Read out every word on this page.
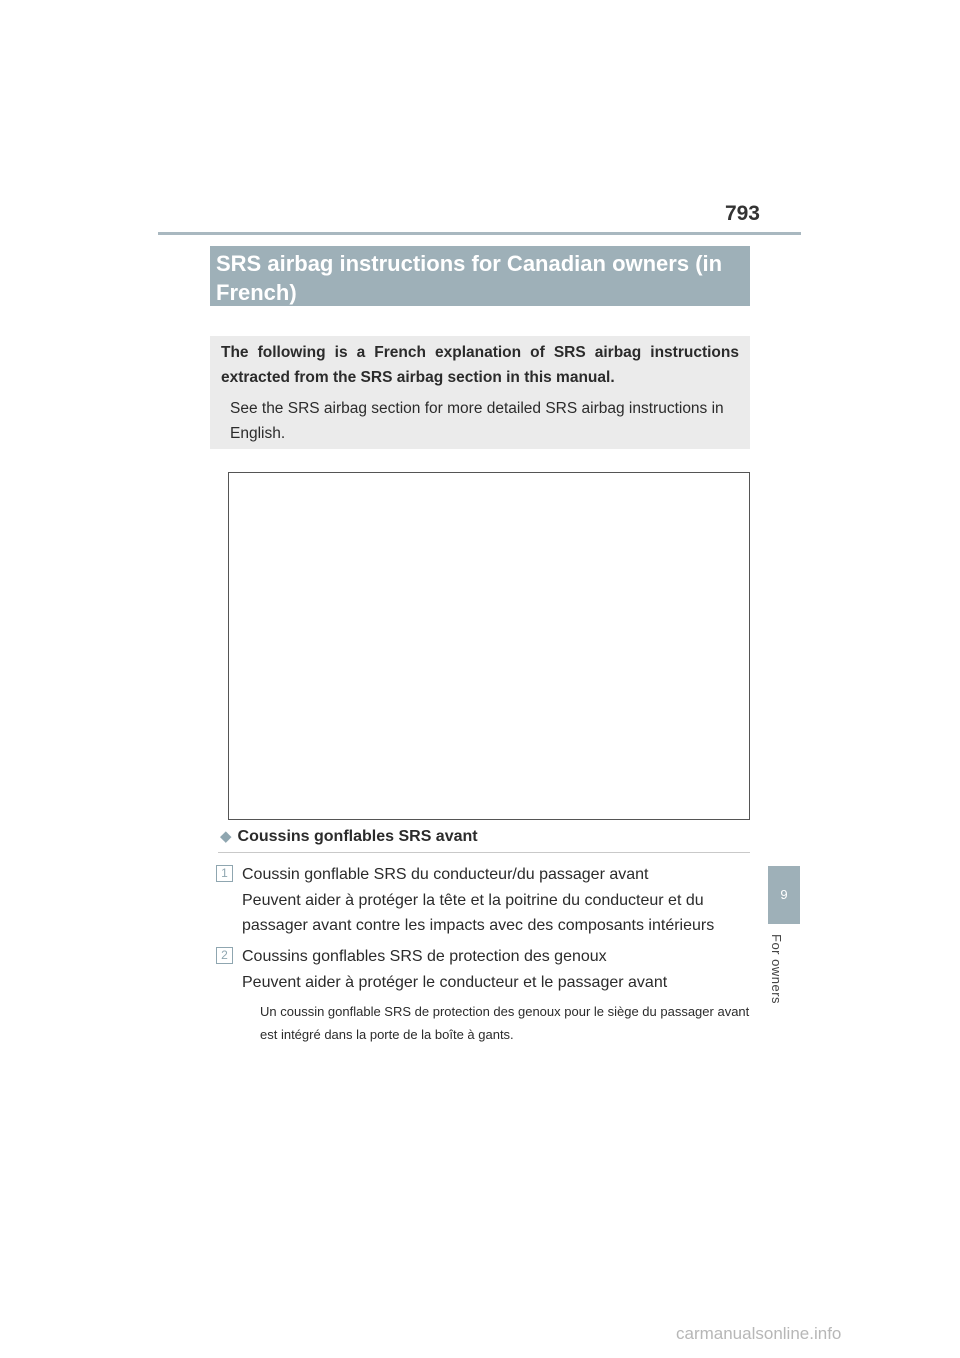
793
SRS airbag instructions for Canadian owners (in French)

The following is a French explanation of SRS airbag instructions extracted from the SRS airbag section in this manual.

See the SRS airbag section for more detailed SRS airbag instructions in English.

◆ Coussins gonflables SRS avant
1 Coussin gonflable SRS du conducteur/du passager avant

Peuvent aider à protéger la tête et la poitrine du conducteur et du passager avant contre les impacts avec des composants intérieurs

2 Coussins gonflables SRS de protection des genoux

Peuvent aider à protéger le conducteur et le passager avant

Un coussin gonflable SRS de protection des genoux pour le siège du passager avant est intégré dans la porte de la boîte à gants.
9
For owners
carmanualsonline.info
